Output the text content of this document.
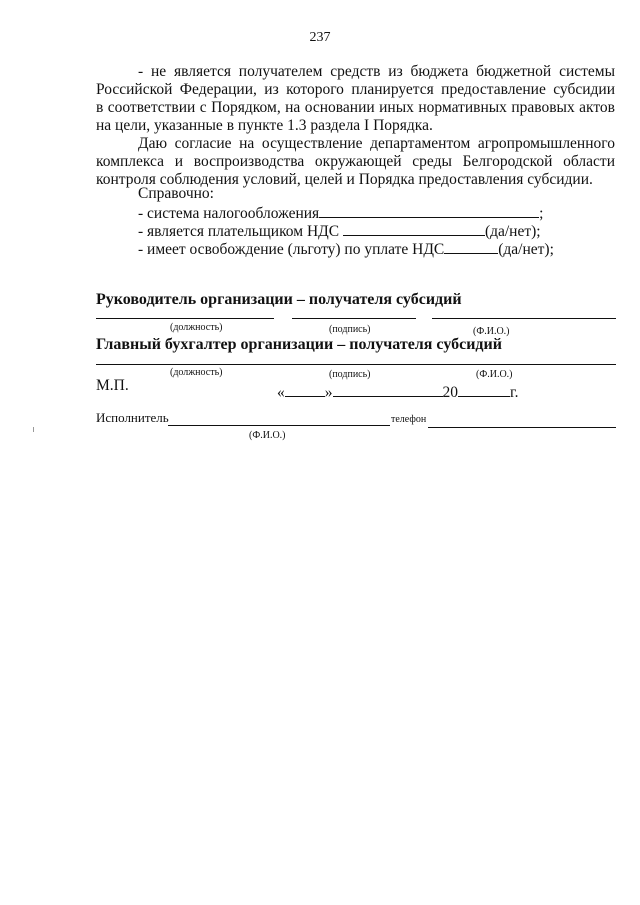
237
- не является получателем средств из бюджета бюджетной системы
Российской Федерации, из которого планируется предоставление субсидии
в соответствии с Порядком, на основании иных нормативных правовых актов
на цели, указанные в пункте 1.3 раздела I Порядка.
Даю согласие на осуществление департаментом агропромышленного
комплекса и воспроизводства окружающей среды Белгородской области
контроля соблюдения условий, целей и Порядка предоставления субсидии.
Справочно:
- система налогообложения	;
- является плательщиком НДС	(да/нет);
- имеет освобождение (льготу) по уплате НДС	(да/нет);
Руководитель организации – получателя субсидий
(должность)	(подпись)	(Ф.И.О.)
Главный бухгалтер организации – получателя субсидий
(должность)	(подпись)	(Ф.И.О.)
М.П.	«	»	20	г.
Исполнитель	телефон
(Ф.И.О.)
